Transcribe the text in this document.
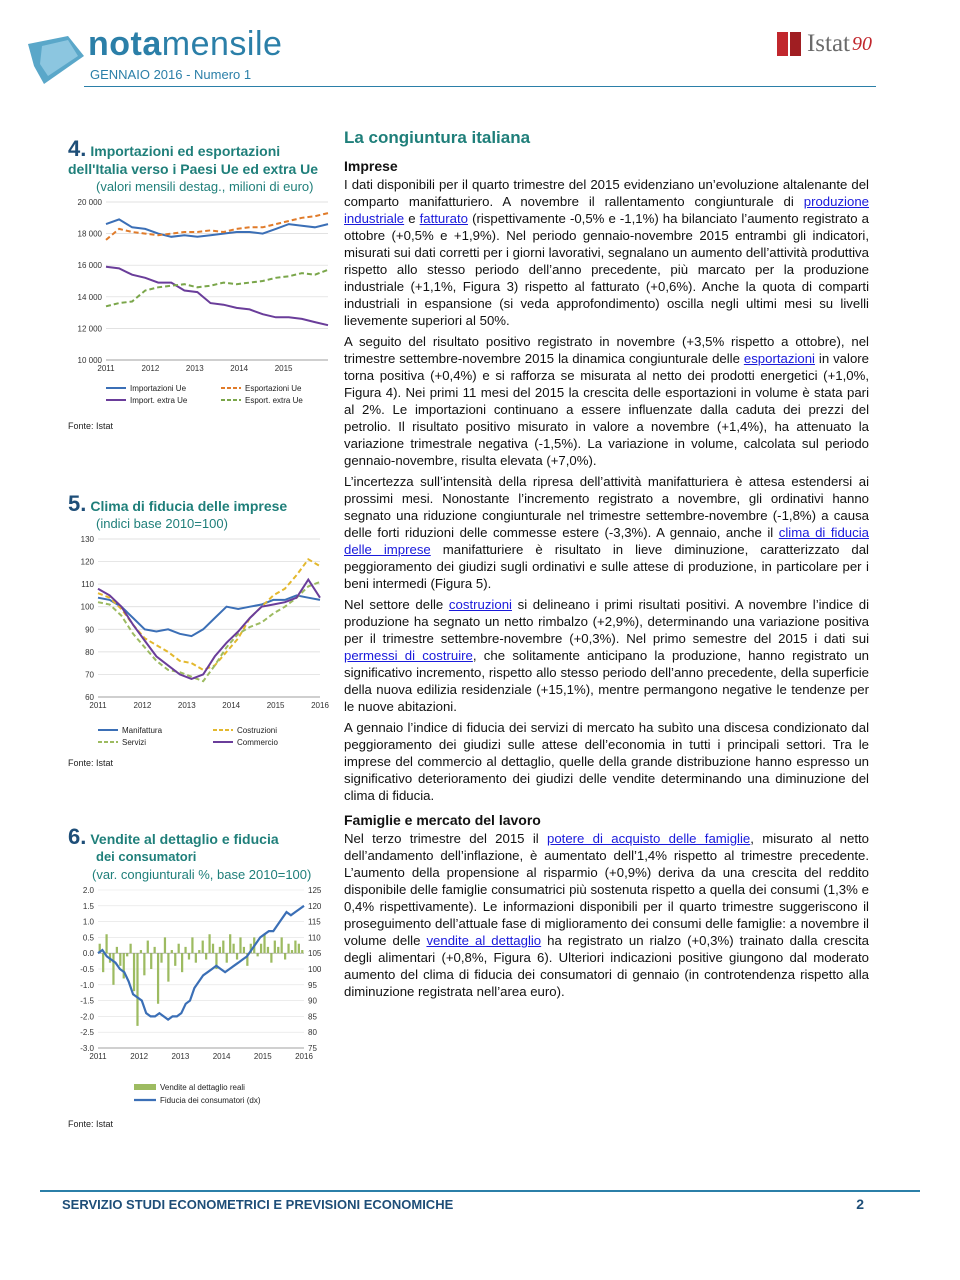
notamensile
GENNAIO 2016 - Numero 1
Istat 90
4. Importazioni ed esportazioni dell'Italia verso i Paesi Ue ed extra Ue
(valori mensili destag., milioni di euro)
10 000
12 000
14 000
16 000
18 000
20 000
2011	2012	2013	2014	2015
Importazioni Ue	Esportazioni Ue
Import. extra Ue	Esport. extra Ue
Fonte: Istat
5. Clima di fiducia delle imprese
(indici base 2010=100)
60
70
80
90
100
110
120
130
2011	2012	2013	2014	2015	2016
Manifattura	Costruzioni
Servizi	Commercio
Fonte: Istat
6. Vendite al dettaglio e fiducia
dei consumatori
(var. congiunturali %, base 2010=100)
-3.0
-2.5
-2.0
-1.5
-1.0
-0.5
0.0
0.5
1.0
1.5
2.0
75
80
85
90
95
100
105
110
115
120
125
2011	2012	2013	2014	2015	2016
Vendite al dettaglio reali
Fiducia dei consumatori (dx)
Fonte: Istat
La congiuntura italiana
Imprese

I dati disponibili per il quarto trimestre del 2015 evidenziano un’evoluzione altalenante del comparto manifatturiero. A novembre il rallentamento congiunturale di produzione industriale e fatturato (rispettivamente -0,5% e -1,1%) ha bilanciato l’aumento registrato a ottobre (+0,5% e +1,9%). Nel periodo gennaio-novembre 2015 entrambi gli indicatori, misurati sui dati corretti per i giorni lavorativi, segnalano un aumento dell’attività produttiva rispetto allo stesso periodo dell’anno precedente, più marcato per la produzione industriale (+1,1%, Figura 3) rispetto al fatturato (+0,6%). Anche la quota di comparti industriali in espansione (si veda approfondimento) oscilla negli ultimi mesi su livelli lievemente superiori al 50%.

A seguito del risultato positivo registrato in novembre (+3,5% rispetto a ottobre), nel trimestre settembre-novembre 2015 la dinamica congiunturale delle esportazioni in valore torna positiva (+0,4%) e si rafforza se misurata al netto dei prodotti energetici (+1,0%, Figura 4). Nei primi 11 mesi del 2015 la crescita delle esportazioni in volume è stata pari al 2%. Le importazioni continuano a essere influenzate dalla caduta dei prezzi del petrolio. Il risultato positivo misurato in valore a novembre (+1,4%), ha attenuato la variazione trimestrale negativa (-1,5%). La variazione in volume, calcolata sul periodo gennaio-novembre, risulta elevata (+7,0%).

L’incertezza sull’intensità della ripresa dell’attività manifatturiera è attesa estendersi ai prossimi mesi. Nonostante l’incremento registrato a novembre, gli ordinativi hanno segnato una riduzione congiunturale nel trimestre settembre-novembre (-1,8%) a causa delle forti riduzioni delle commesse estere (-3,3%). A gennaio, anche il clima di fiducia delle imprese manifatturiere è risultato in lieve diminuzione, caratterizzato dal peggioramento dei giudizi sugli ordinativi e sulle attese di produzione, in particolare per i beni intermedi (Figura 5).

Nel settore delle costruzioni si delineano i primi risultati positivi. A novembre l’indice di produzione ha segnato un netto rimbalzo (+2,9%), determinando una variazione positiva per il trimestre settembre-novembre (+0,3%). Nel primo semestre del 2015 i dati sui permessi di costruire, che solitamente anticipano la produzione, hanno registrato un significativo incremento, rispetto allo stesso periodo dell’anno precedente, della superficie della nuova edilizia residenziale (+15,1%), mentre permangono negative le tendenze per le nuove abitazioni.

A gennaio l’indice di fiducia dei servizi di mercato ha subìto una discesa condizionato dal peggioramento dei giudizi sulle attese dell’economia in tutti i principali settori. Tra le imprese del commercio al dettaglio, quelle della grande distribuzione hanno espresso un significativo deterioramento dei giudizi delle vendite determinando una diminuzione del clima di fiducia.

Famiglie e mercato del lavoro

Nel terzo trimestre del 2015 il potere di acquisto delle famiglie, misurato al netto dell’andamento dell’inflazione, è aumentato dell’1,4% rispetto al trimestre precedente. L’aumento della propensione al risparmio (+0,9%) deriva da una crescita del reddito disponibile delle famiglie consumatrici più sostenuta rispetto a quella dei consumi (1,3% e 0,4% rispettivamente). Le informazioni disponibili per il quarto trimestre suggeriscono il proseguimento dell’attuale fase di miglioramento dei consumi delle famiglie: a novembre il volume delle vendite al dettaglio ha registrato un rialzo (+0,3%) trainato dalla crescita degli alimentari (+0,8%, Figura 6). Ulteriori indicazioni positive giungono dal moderato aumento del clima di fiducia dei consumatori di gennaio (in controtendenza rispetto alla diminuzione registrata nell’area euro).

SERVIZIO STUDI ECONOMETRICI E PREVISIONI ECONOMICHE	2
